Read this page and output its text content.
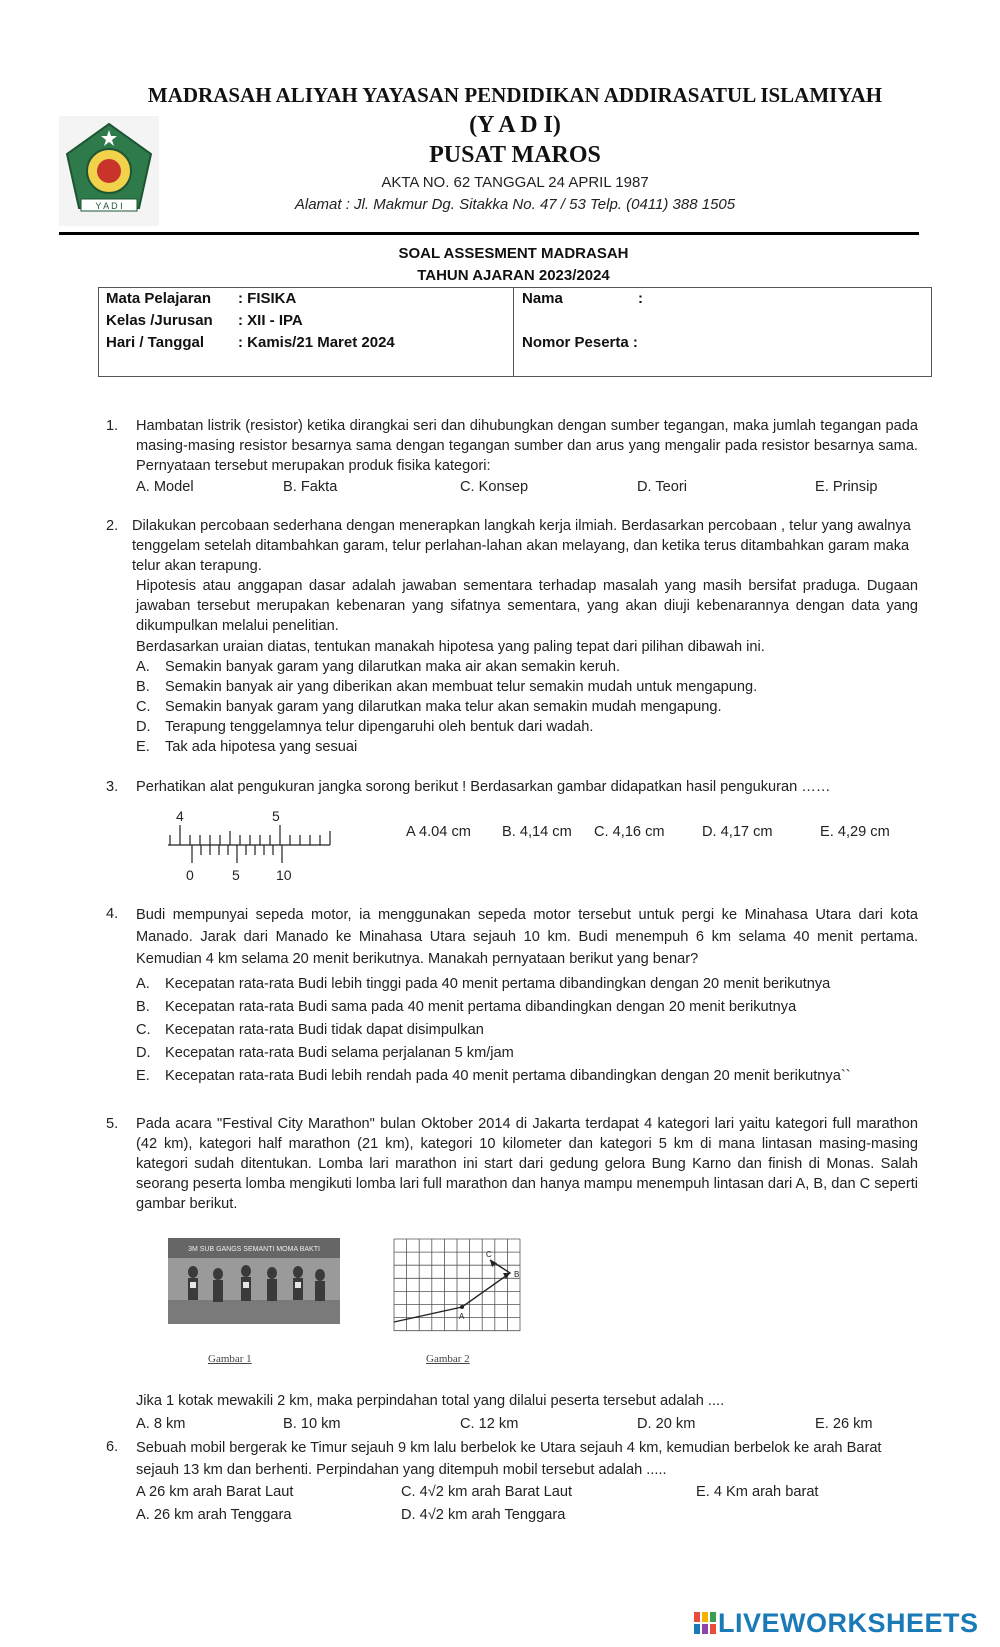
Y A D I
MADRASAH ALIYAH YAYASAN PENDIDIKAN ADDIRASATUL ISLAMIYAH
(Y A D I)
PUSAT MAROS
AKTA NO. 62 TANGGAL 24 APRIL 1987
Alamat : Jl. Makmur Dg. Sitakka No. 47 / 53 Telp. (0411) 388 1505
SOAL ASSESMENT MADRASAH
TAHUN AJARAN 2023/2024
Mata Pelajaran : FISIKA
Kelas /Jurusan : XII - IPA
Hari / Tanggal : Kamis/21 Maret 2024
Nama	:
Nomor Peserta :
1. Hambatan listrik (resistor) ketika dirangkai seri dan dihubungkan dengan sumber tegangan, maka jumlah tegangan pada masing-masing resistor besarnya sama dengan tegangan sumber dan arus yang mengalir pada resistor besarnya sama. Pernyataan tersebut merupakan produk fisika kategori:
A. Model	B. Fakta	C. Konsep	D. Teori	E. Prinsip
2. Dilakukan percobaan sederhana dengan menerapkan langkah kerja ilmiah. Berdasarkan percobaan , telur yang awalnya tenggelam setelah ditambahkan garam, telur perlahan-lahan akan melayang, dan ketika terus ditambahkan garam maka telur akan terapung.
Hipotesis atau anggapan dasar adalah jawaban sementara terhadap masalah yang masih bersifat praduga. Dugaan jawaban tersebut merupakan kebenaran yang sifatnya sementara, yang akan diuji kebenarannya dengan data yang dikumpulkan melalui penelitian.
Berdasarkan uraian diatas, tentukan manakah hipotesa yang paling tepat dari pilihan dibawah ini.
A. Semakin banyak garam yang dilarutkan maka air akan semakin keruh.
B. Semakin banyak air yang diberikan akan membuat telur semakin mudah untuk mengapung.
C. Semakin banyak garam yang dilarutkan maka telur akan semakin mudah mengapung.
D. Terapung tenggelamnya telur dipengaruhi oleh bentuk dari wadah.
E. Tak ada hipotesa yang sesuai
3. Perhatikan alat pengukuran jangka sorong berikut ! Berdasarkan gambar didapatkan hasil pengukuran ……
4	5
0	5	10
A 4.04 cm B. 4,14 cm C. 4,16 cm	D. 4,17 cm	E. 4,29 cm
4. Budi mempunyai sepeda motor, ia menggunakan sepeda motor tersebut untuk pergi ke Minahasa Utara dari kota Manado. Jarak dari Manado ke Minahasa Utara sejauh 10 km. Budi menempuh 6 km selama 40 menit pertama. Kemudian 4 km selama 20 menit berikutnya. Manakah pernyataan berikut yang benar?
A. Kecepatan rata-rata Budi lebih tinggi pada 40 menit pertama dibandingkan dengan 20 menit berikutnya
B. Kecepatan rata-rata Budi sama pada 40 menit pertama dibandingkan dengan 20 menit berikutnya
C. Kecepatan rata-rata Budi tidak dapat disimpulkan
D. Kecepatan rata-rata Budi selama perjalanan 5 km/jam
E. Kecepatan rata-rata Budi lebih rendah pada 40 menit pertama dibandingkan dengan 20 menit berikutnya``
5. Pada acara "Festival City Marathon" bulan Oktober 2014 di Jakarta terdapat 4 kategori lari yaitu kategori full marathon (42 km), kategori half marathon (21 km), kategori 10 kilometer dan kategori 5 km di mana lintasan masing-masing kategori sudah ditentukan. Lomba lari marathon ini start dari gedung gelora Bung Karno dan finish di Monas. Salah seorang peserta lomba mengikuti lomba lari full marathon dan hanya mampu menempuh lintasan dari A, B, dan C seperti gambar berikut.
3M SUB GANGS SEMANTI MOMA BAKTI
A
B
C
Gambar 1	Gambar 2
Jika 1 kotak mewakili 2 km, maka perpindahan total yang dilalui peserta tersebut adalah ....
A. 8 km	B. 10 km	C. 12 km	D. 20 km	E. 26 km
6. Sebuah mobil bergerak ke Timur sejauh 9 km lalu berbelok ke Utara sejauh 4 km, kemudian berbelok ke arah Barat sejauh 13 km dan berhenti. Perpindahan yang ditempuh mobil tersebut adalah .....
A 26 km arah Barat Laut	C. 4√2 km arah Barat Laut	E. 4 Km arah barat
A. 26 km arah Tenggara	D. 4√2 km arah Tenggara
LIVEWORKSHEETS
